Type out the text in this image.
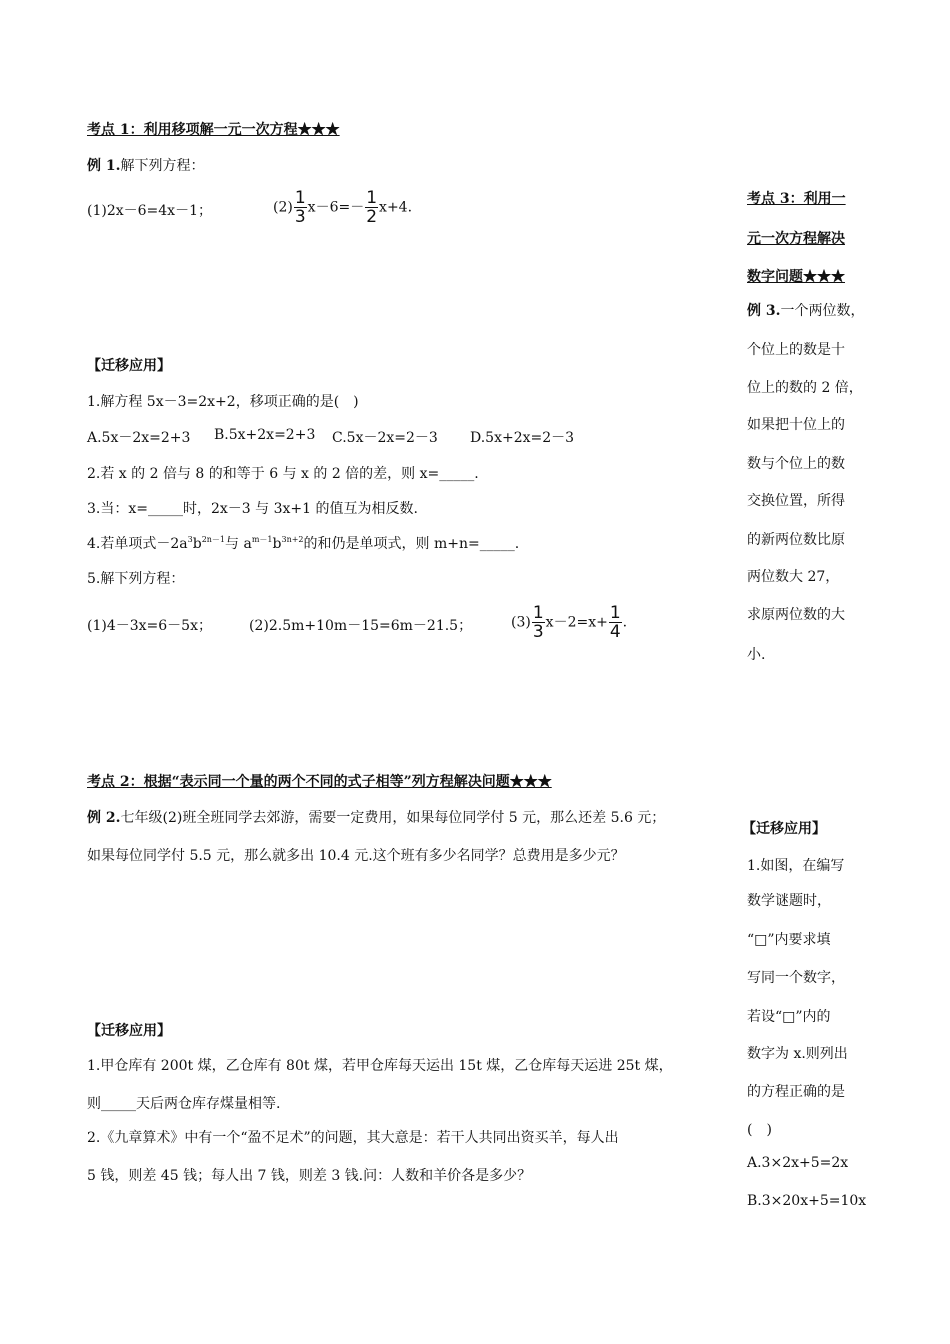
考点 1：利用移项解一元一次方程★★★
例 1.解下列方程：
(1)2x－6=4x－1；	$(2) \frac{1}{3} x-6=- \frac{1}{2} x+4$.
【迁移应用】
1.解方程 5x－3=2x+2，移项正确的是(　)
A.5x－2x=2+3 B.5x+2x=2+3 C.5x－2x=2－3 D.5x+2x=2－3
2.若 x 的 2 倍与 8 的和等于 6 与 x 的 2 倍的差，则 x=_____.
3.当：x=_____时，2x－3 与 3x+1 的值互为相反数.
4.若单项式$-2a^3b^{2n-1}$与 $a^{m-1}b^{3n+2}$的和仍是单项式，则 m+n=_____.
5.解下列方程：
(1)4－3x=6－5x；	(2)2.5m+10m－15=6m－21.5；	$(3) \frac{1}{3} x-2=x+ \frac{1}{4}$ .
考点 2：根据“表示同一个量的两个不同的式子相等”列方程解决问题★★★
例 2.七年级(2)班全班同学去郊游，需要一定费用，如果每位同学付 5 元，那么还差 5.6 元；
如果每位同学付 5.5 元，那么就多出 10.4 元.这个班有多少名同学？总费用是多少元？
【迁移应用】
1.甲仓库有 200t 煤，乙仓库有 80t 煤，若甲仓库每天运出 15t 煤，乙仓库每天运进 25t 煤，
则_____天后两仓库存煤量相等.
2.《九章算术》中有一个“盈不足术”的问题，其大意是：若干人共同出资买羊，每人出
5 钱，则差 45 钱；每人出 7 钱，则差 3 钱.问：人数和羊价各是多少？
考点 3：利用一
元一次方程解决
数字问题★★★
例 3.一个两位数，
个位上的数是十
位上的数的 2 倍，
如果把十位上的
数与个位上的数
交换位置，所得
的新两位数比原
两位数大 27，
求原两位数的大
小.
【迁移应用】
1.如图，在编写
数学谜题时，
“□”内要求填
写同一个数字，
若设“□”内的
数字为 x.则列出
的方程正确的是
(　)
A.3×2x+5=2x
B.3×20x+5=10x
